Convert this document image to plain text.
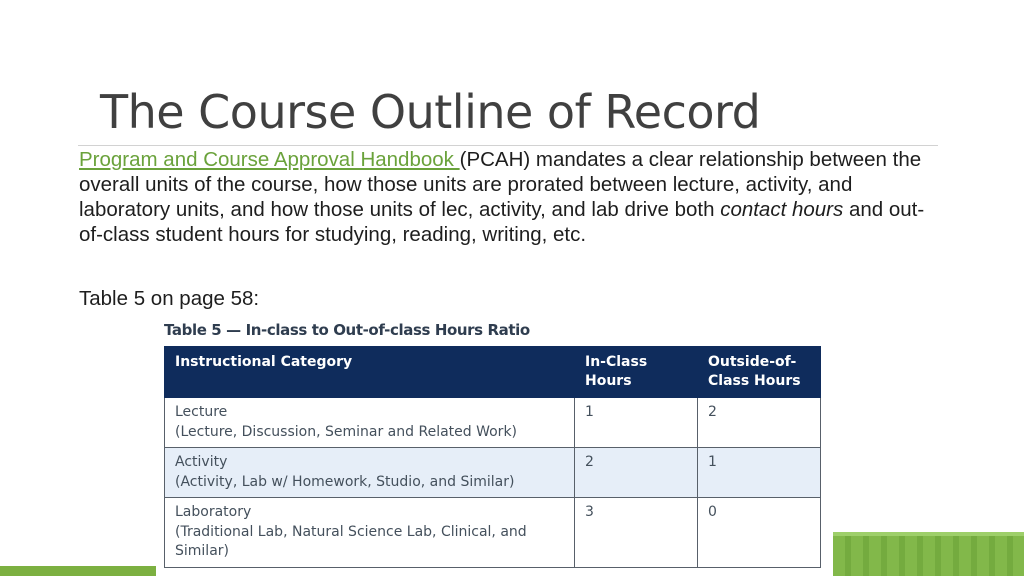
The Course Outline of Record
Program and Course Approval Handbook (PCAH) mandates a clear relationship between the overall units of the course, how those units are prorated between lecture, activity, and laboratory units, and how those units of lec, activity, and lab drive both contact hours and out-of-class student hours for studying, reading, writing, etc.
Table 5 on page 58:
Table 5 — In-class to Out-of-class Hours Ratio
Instructional Category	In-Class Hours	Outside-of-Class Hours

Lecture
(Lecture, Discussion, Seminar and Related Work)	1	2

Activity
(Activity, Lab w/ Homework, Studio, and Similar)	2	1

Laboratory
(Traditional Lab, Natural Science Lab, Clinical, and Similar)	3	0
